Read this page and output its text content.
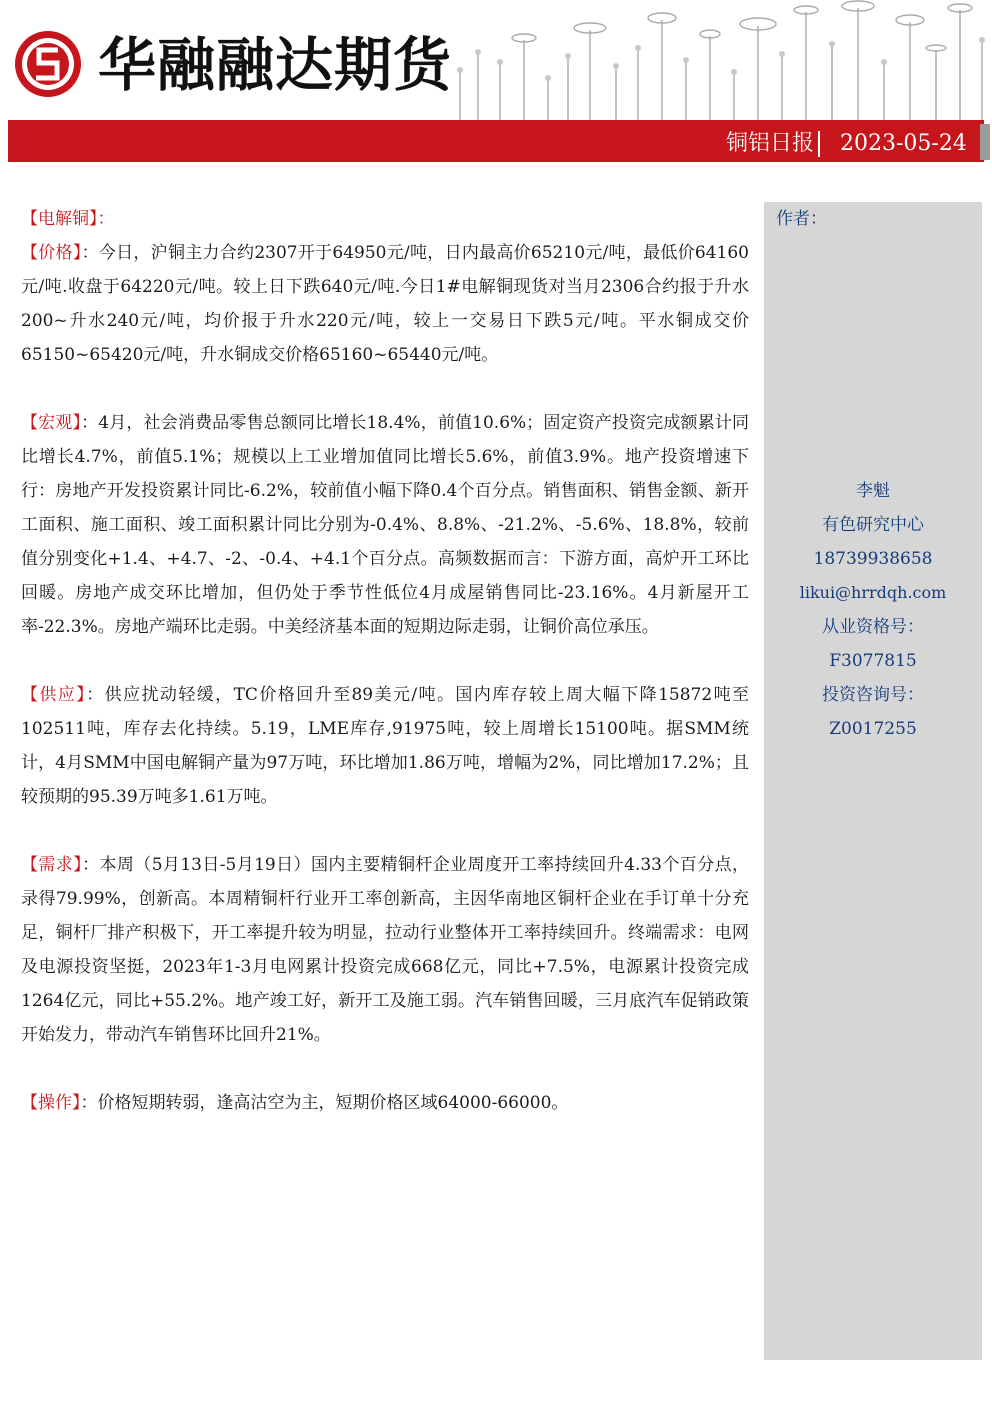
华融融达期货
铜铝日报 2023-05-24

【电解铜】：

【价格】：今日，沪铜主力合约2307开于64950元/吨，日内最高价65210元/吨，最低价64160元/吨.收盘于64220元/吨。较上日下跌640元/吨.今日1#电解铜现货对当月2306合约报于升水200~升水240元/吨，均价报于升水220元/吨，较上一交易日下跌5元/吨。平水铜成交价65150~65420元/吨，升水铜成交价格65160~65440元/吨。

【宏观】：4月，社会消费品零售总额同比增长18.4%，前值10.6%；固定资产投资完成额累计同比增长4.7%，前值5.1%；规模以上工业增加值同比增长5.6%，前值3.9%。地产投资增速下行：房地产开发投资累计同比-6.2%，较前值小幅下降0.4个百分点。销售面积、销售金额、新开工面积、施工面积、竣工面积累计同比分别为-0.4%、8.8%、-21.2%、-5.6%、18.8%，较前值分别变化+1.4、+4.7、-2、-0.4、+4.1个百分点。高频数据而言：下游方面，高炉开工环比回暖。房地产成交环比增加，但仍处于季节性低位4月成屋销售同比-23.16%。4月新屋开工率-22.3%。房地产端环比走弱。中美经济基本面的短期边际走弱，让铜价高位承压。

【供应】：供应扰动轻缓，TC价格回升至89美元/吨。国内库存较上周大幅下降15872吨至102511吨，库存去化持续。5.19，LME库存,91975吨，较上周增长15100吨。据SMM统计，4月SMM中国电解铜产量为97万吨，环比增加1.86万吨，增幅为2%，同比增加17.2%；且较预期的95.39万吨多1.61万吨。

【需求】：本周（5月13日-5月19日）国内主要精铜杆企业周度开工率持续回升4.33个百分点，录得79.99%，创新高。本周精铜杆行业开工率创新高，主因华南地区铜杆企业在手订单十分充足，铜杆厂排产积极下，开工率提升较为明显，拉动行业整体开工率持续回升。终端需求：电网及电源投资坚挺，2023年1-3月电网累计投资完成668亿元，同比+7.5%，电源累计投资完成1264亿元，同比+55.2%。地产竣工好，新开工及施工弱。汽车销售回暖，三月底汽车促销政策开始发力，带动汽车销售环比回升21%。

【操作】：价格短期转弱，逢高沽空为主，短期价格区域64000-66000。

作者：
李魁
有色研究中心
18739938658
likui@hrrdqh.com
从业资格号：
F3077815
投资咨询号：
Z0017255
